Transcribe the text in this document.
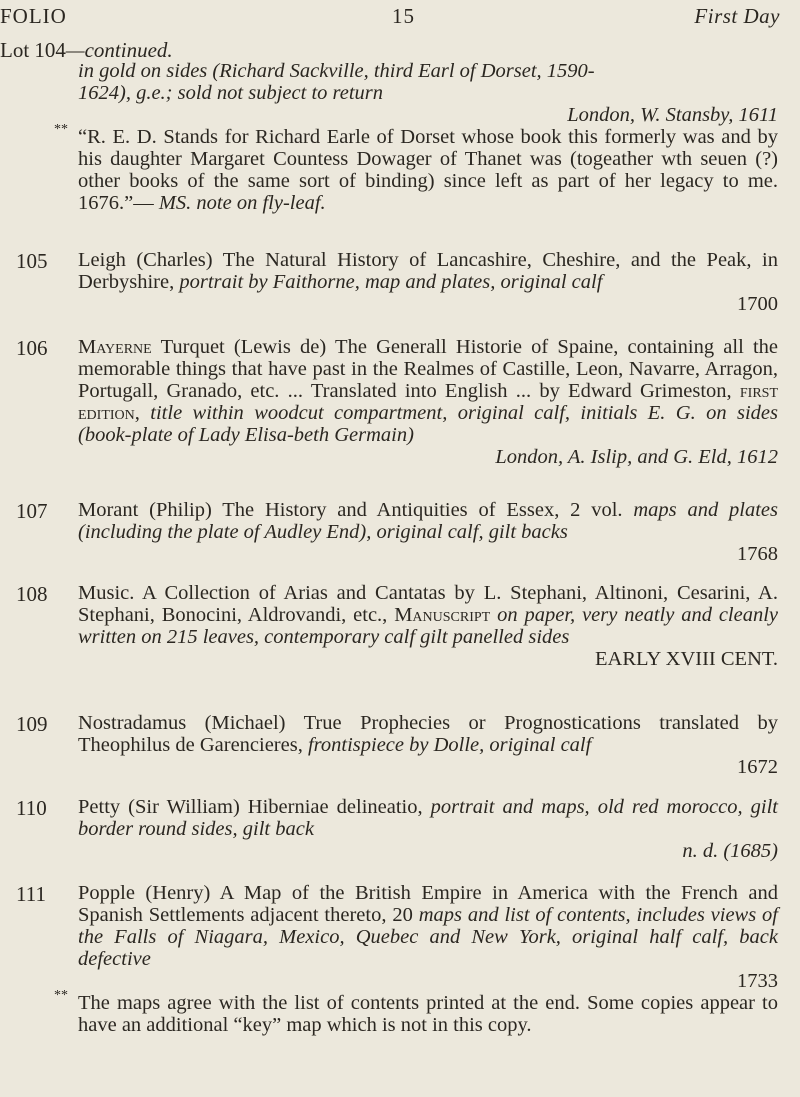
FOLIO	15	First Day
Lot 104—continued.

in gold on sides (Richard Sackville, third Earl of Dorset, 1590-

1624), g.e.; sold not subject to return

London, W. Stansby, 1611

** “R. E. D. Stands for Richard Earle of Dorset whose book this formerly was and by his daughter Margaret Countess Dowager of Thanet was (togeather wth seuen (?) other books of the same sort of binding) since left as part of her legacy to me. 1676.”— MS. note on fly-leaf.

105 Leigh (Charles) The Natural History of Lancashire, Cheshire, and the Peak, in Derbyshire, portrait by Faithorne, map and plates, original calf
1700

106 Mayerne Turquet (Lewis de) The Generall Historie of Spaine, containing all the memorable things that have past in the Realmes of Castille, Leon, Navarre, Arragon, Portugall, Granado, etc. ... Translated into English ... by Edward Grimeston, first edition, title within woodcut compartment, original calf, initials E. G. on sides (book-plate of Lady Elisa-beth Germain)
London, A. Islip, and G. Eld, 1612

107 Morant (Philip) The History and Antiquities of Essex, 2 vol. maps and plates (including the plate of Audley End), original calf, gilt backs
1768

108 Music. A Collection of Arias and Cantatas by L. Stephani, Altinoni, Cesarini, A. Stephani, Bonocini, Aldrovandi, etc., Manuscript on paper, very neatly and cleanly written on 215 leaves, contemporary calf gilt panelled sides
EARLY XVIII CENT.

109 Nostradamus (Michael) True Prophecies or Prognostications translated by Theophilus de Garencieres, frontispiece by Dolle, original calf
1672

110 Petty (Sir William) Hiberniae delineatio, portrait and maps, old red morocco, gilt border round sides, gilt back
n. d. (1685)

111 Popple (Henry) A Map of the British Empire in America with the French and Spanish Settlements adjacent thereto, 20 maps and list of contents, includes views of the Falls of Niagara, Mexico, Quebec and New York, original half calf, back defective
1733

** The maps agree with the list of contents printed at the end. Some copies appear to have an additional “key” map which is not in this copy.
